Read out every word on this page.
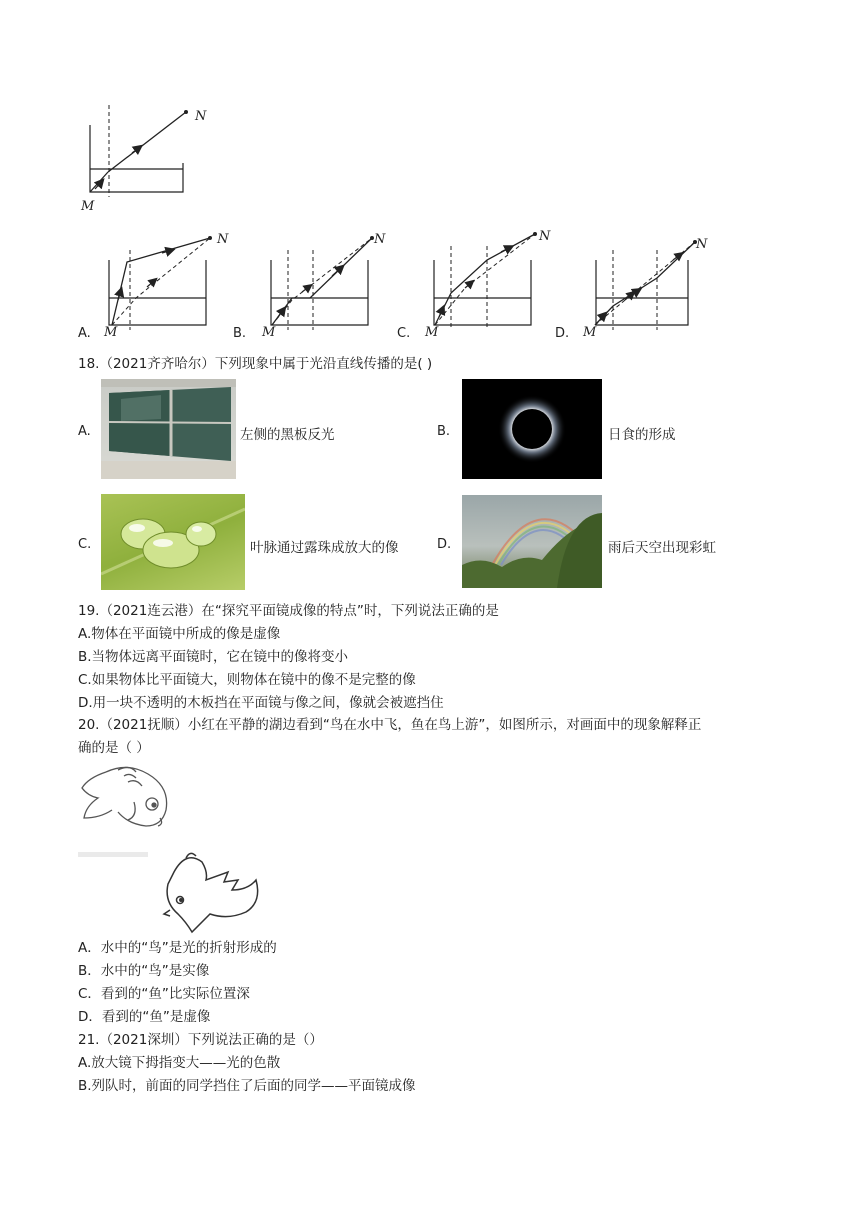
N
M
A.
N
M	B.
N
M	C.
N
M	D.
N
M
18.（2021齐齐哈尔）下列现象中属于光沿直线传播的是( )
A.	左侧的黑板反光	B.	日食的形成
C.	叶脉通过露珠成放大的像	D.	雨后天空出现彩虹
19.（2021连云港）在“探究平面镜成像的特点”时，下列说法正确的是
A.物体在平面镜中所成的像是虚像
B.当物体远离平面镜时，它在镜中的像将变小
C.如果物体比平面镜大，则物体在镜中的像不是完整的像
D.用一块不透明的木板挡在平面镜与像之间，像就会被遮挡住
20.（2021抚顺）小红在平静的湖边看到“鸟在水中飞，鱼在鸟上游”，如图所示，对画面中的现象解释正
确的是（ ）
A．水中的“鸟”是光的折射形成的
B．水中的“鸟”是实像
C．看到的“鱼”比实际位置深
D．看到的“鱼”是虚像
21.（2021深圳）下列说法正确的是（）
A.放大镜下拇指变大——光的色散
B.列队时，前面的同学挡住了后面的同学——平面镜成像
